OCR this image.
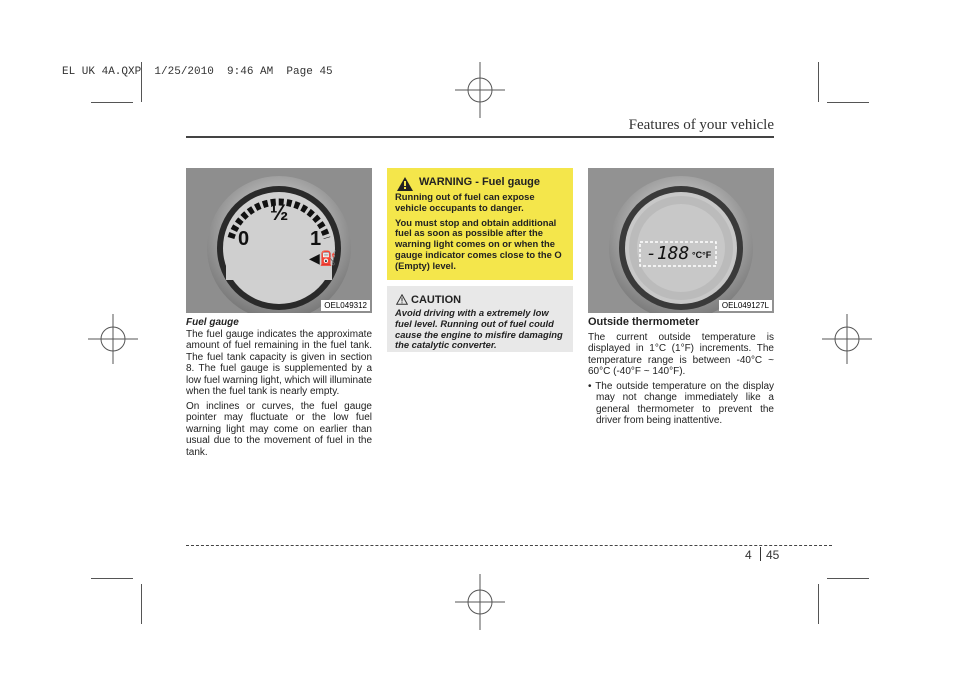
EL UK 4A.QXP  1/25/2010  9:46 AM  Page 45
Features of your vehicle
0
½
1
◀⛽
OEL049312
Fuel gauge

The fuel gauge indicates the approximate amount of fuel remaining in the fuel tank. The fuel tank capacity is given in section 8. The fuel gauge is supplemented by a low fuel warning light, which will illuminate when the fuel tank is nearly empty.

On inclines or curves, the fuel gauge pointer may fluctuate or the low fuel warning light may come on earlier than usual due to the movement of fuel in the tank.

WARNING - Fuel gauge

Running out of fuel can expose vehicle occupants to danger.

You must stop and obtain additional fuel as soon as possible after the warning light comes on or when the gauge indicator comes close to the O (Empty) level.

CAUTION

Avoid driving with a extremely low fuel level. Running out of fuel could cause the engine to misfire damaging the catalytic converter.

-188 °C°F
OEL049127L
Outside thermometer

The current outside temperature is displayed in 1°C (1°F) increments. The temperature range is between -40°C ~ 60°C (-40°F ~ 140°F).

• The outside temperature on the display may not change immediately like a general thermometer to prevent the driver from being inattentive.

4 45
